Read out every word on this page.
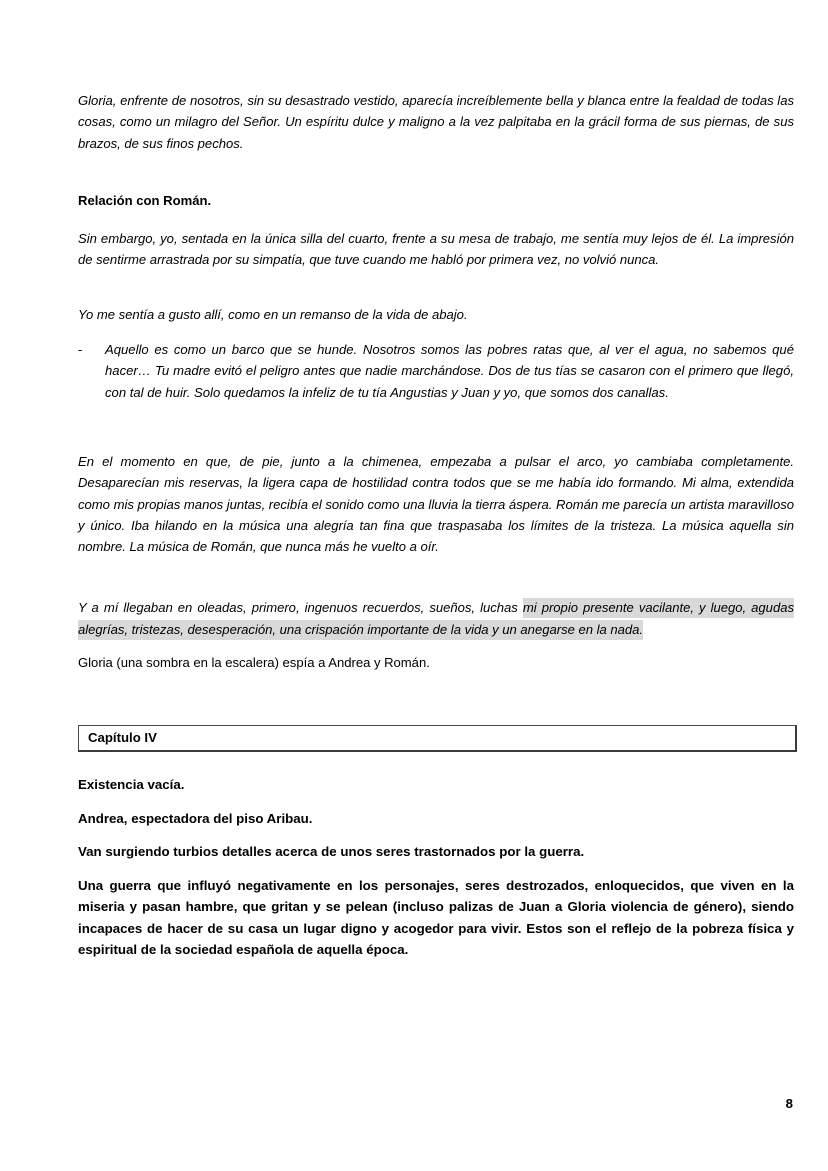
Gloria, enfrente de nosotros, sin su desastrado vestido, aparecía increíblemente bella y blanca entre la fealdad de todas las cosas, como un milagro del Señor. Un espíritu dulce y maligno a la vez palpitaba en la grácil forma de sus piernas, de sus brazos, de sus finos pechos.

Relación con Román.

Sin embargo, yo, sentada en la única silla del cuarto, frente a su mesa de trabajo, me sentía muy lejos de él. La impresión de sentirme arrastrada por su simpatía, que tuve cuando me habló por primera vez, no volvió nunca.

Yo me sentía a gusto allí, como en un remanso de la vida de abajo.

-	Aquello es como un barco que se hunde. Nosotros somos las pobres ratas que, al ver el agua, no sabemos qué hacer… Tu madre evitó el peligro antes que nadie marchándose. Dos de tus tías se casaron con el primero que llegó, con tal de huir. Solo quedamos la infeliz de tu tía Angustias y Juan y yo, que somos dos canallas.

En el momento en que, de pie, junto a la chimenea, empezaba a pulsar el arco, yo cambiaba completamente. Desaparecían mis reservas, la ligera capa de hostilidad contra todos que se me había ido formando. Mi alma, extendida como mis propias manos juntas, recibía el sonido como una lluvia la tierra áspera. Román me parecía un artista maravilloso y único. Iba hilando en la música una alegría tan fina que traspasaba los límites de la tristeza. La música aquella sin nombre. La música de Román, que nunca más he vuelto a oír.

Y a mí llegaban en oleadas, primero, ingenuos recuerdos, sueños, luchas mi propio presente vacilante, y luego, agudas alegrías, tristezas, desesperación, una crispación importante de la vida y un anegarse en la nada.

Gloria (una sombra en la escalera) espía a Andrea y Román.

Capítulo IV

Existencia vacía.

Andrea, espectadora del piso Aribau.

Van surgiendo turbios detalles acerca de unos seres trastornados por la guerra.

Una guerra que influyó negativamente en los personajes, seres destrozados, enloquecidos, que viven en la miseria y pasan hambre, que gritan y se pelean (incluso palizas de Juan a Gloria violencia de género), siendo incapaces de hacer de su casa un lugar digno y acogedor para vivir. Estos son el reflejo de la pobreza física y espiritual de la sociedad española de aquella época.

8
